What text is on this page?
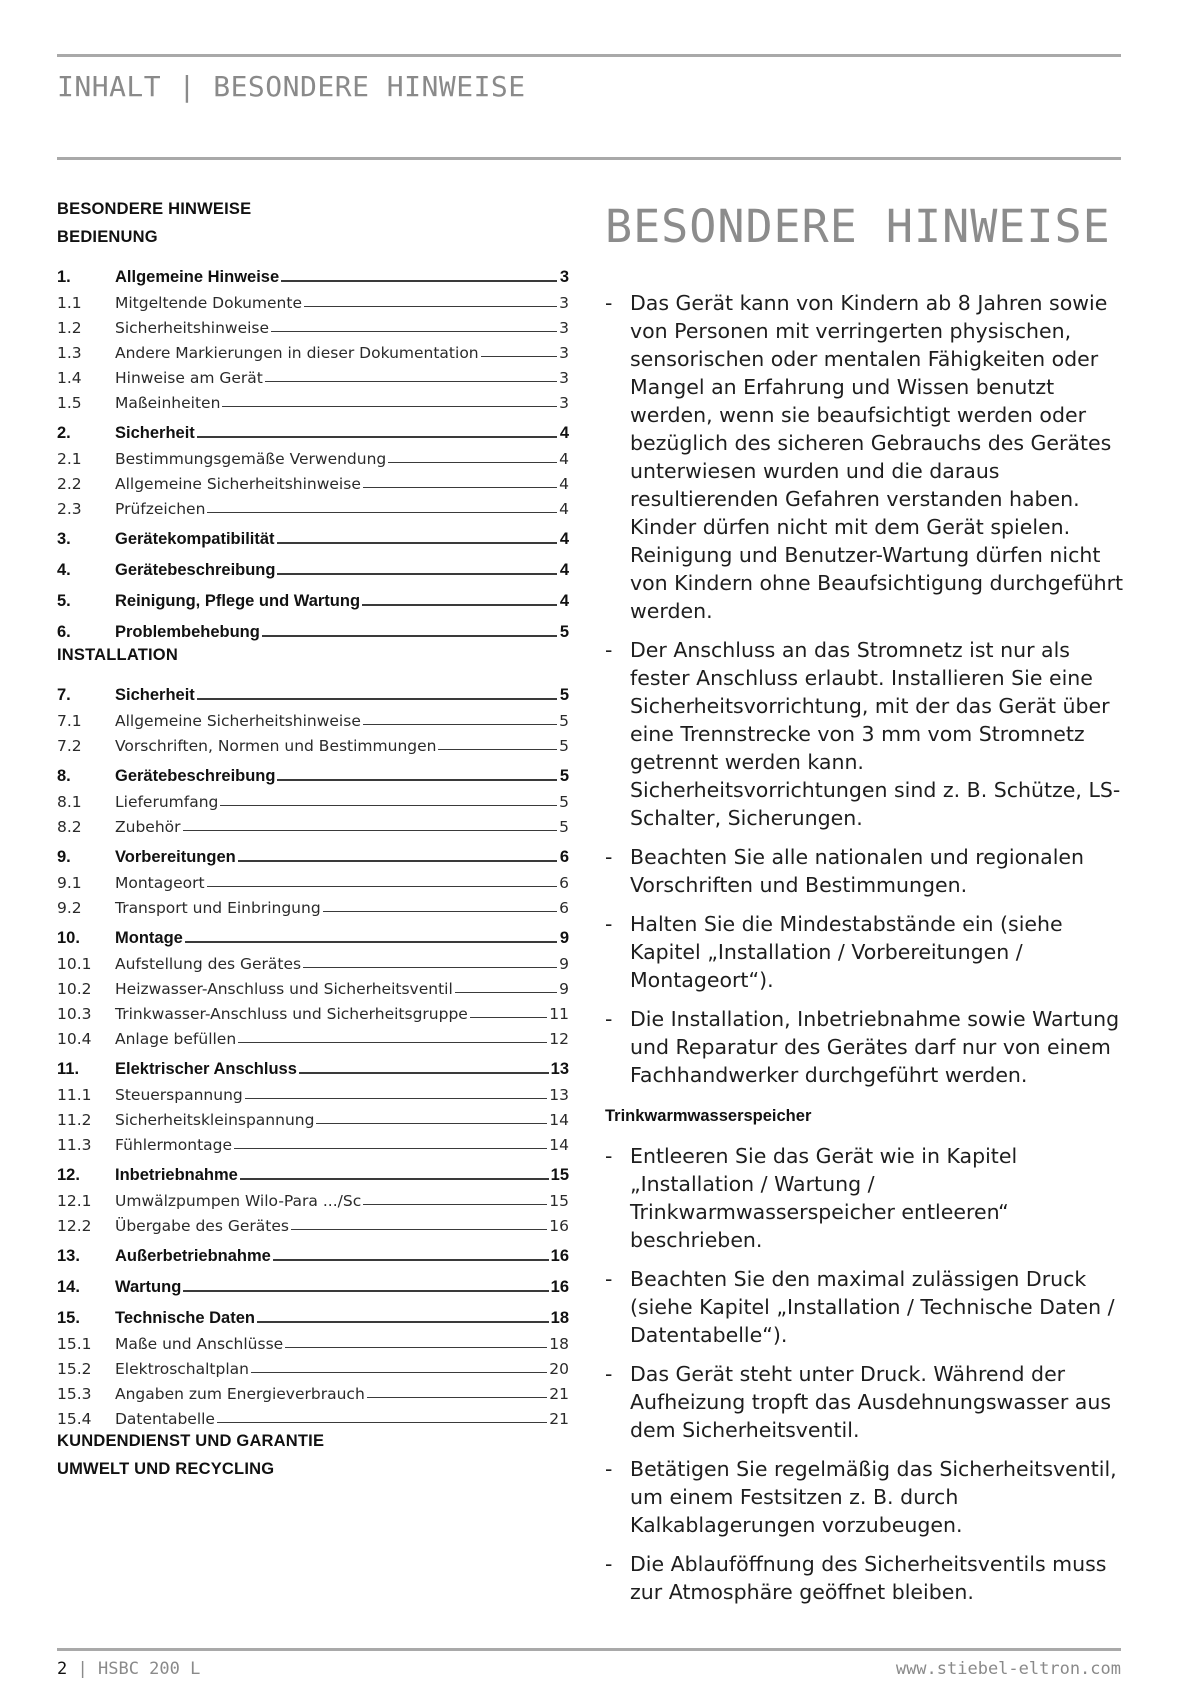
INHALT | BESONDERE HINWEISE
BESONDERE HINWEISE
BEDIENUNG
1.	Allgemeine Hinweise	3
1.1	Mitgeltende Dokumente	3
1.2	Sicherheitshinweise	3
1.3	Andere Markierungen in dieser Dokumentation	3
1.4	Hinweise am Gerät	3
1.5	Maßeinheiten	3
2.	Sicherheit	4
2.1	Bestimmungsgemäße Verwendung	4
2.2	Allgemeine Sicherheitshinweise	4
2.3	Prüfzeichen	4
3.	Gerätekompatibilität	4
4.	Gerätebeschreibung	4
5.	Reinigung, Pflege und Wartung	4
6.	Problembehebung	5
INSTALLATION
7.	Sicherheit	5
7.1	Allgemeine Sicherheitshinweise	5
7.2	Vorschriften, Normen und Bestimmungen	5
8.	Gerätebeschreibung	5
8.1	Lieferumfang	5
8.2	Zubehör	5
9.	Vorbereitungen	6
9.1	Montageort	6
9.2	Transport und Einbringung	6
10.	Montage	9
10.1	Aufstellung des Gerätes	9
10.2	Heizwasser-Anschluss und Sicherheitsventil	9
10.3	Trinkwasser-Anschluss und Sicherheitsgruppe	11
10.4	Anlage befüllen	12
11.	Elektrischer Anschluss	13
11.1	Steuerspannung	13
11.2	Sicherheitskleinspannung	14
11.3	Fühlermontage	14
12.	Inbetriebnahme	15
12.1	Umwälzpumpen Wilo-Para .../Sc	15
12.2	Übergabe des Gerätes	16
13.	Außerbetriebnahme	16
14.	Wartung	16
15.	Technische Daten	18
15.1	Maße und Anschlüsse	18
15.2	Elektroschaltplan	20
15.3	Angaben zum Energieverbrauch	21
15.4	Datentabelle	21
KUNDENDIENST UND GARANTIE
UMWELT UND RECYCLING
BESONDERE HINWEISE
- Das Gerät kann von Kindern ab 8 Jahren sowie von Personen mit verringerten physischen, sensorischen oder mentalen Fähigkeiten oder Mangel an Erfahrung und Wissen benutzt werden, wenn sie beaufsichtigt werden oder bezüglich des sicheren Gebrauchs des Gerätes unterwiesen wurden und die daraus resultierenden Gefahren verstanden haben. Kinder dürfen nicht mit dem Gerät spielen. Reinigung und Benutzer-Wartung dürfen nicht von Kindern ohne Beaufsichtigung durchgeführt werden.
- Der Anschluss an das Stromnetz ist nur als fester Anschluss erlaubt. Installieren Sie eine Sicherheitsvorrichtung, mit der das Gerät über eine Trennstrecke von 3 mm vom Stromnetz getrennt werden kann. Sicherheitsvorrichtungen sind z. B. Schütze, LS-Schalter, Sicherungen.
- Beachten Sie alle nationalen und regionalen Vorschriften und Bestimmungen.
- Halten Sie die Mindestabstände ein (siehe Kapitel „Installation / Vorbereitungen / Montageort“).
- Die Installation, Inbetriebnahme sowie Wartung und Reparatur des Gerätes darf nur von einem Fachhandwerker durchgeführt werden.
Trinkwarmwasserspeicher
- Entleeren Sie das Gerät wie in Kapitel „Installation / Wartung / Trinkwarmwasserspeicher entleeren“ beschrieben.
- Beachten Sie den maximal zulässigen Druck (siehe Kapitel „Installation / Technische Daten / Datentabelle“).
- Das Gerät steht unter Druck. Während der Aufheizung tropft das Ausdehnungswasser aus dem Sicherheitsventil.
- Betätigen Sie regelmäßig das Sicherheitsventil, um einem Festsitzen z. B. durch Kalkablagerungen vorzubeugen.
- Die Ablauföffnung des Sicherheitsventils muss zur Atmosphäre geöffnet bleiben.
2 | HSBC 200 L	www.stiebel-eltron.com
